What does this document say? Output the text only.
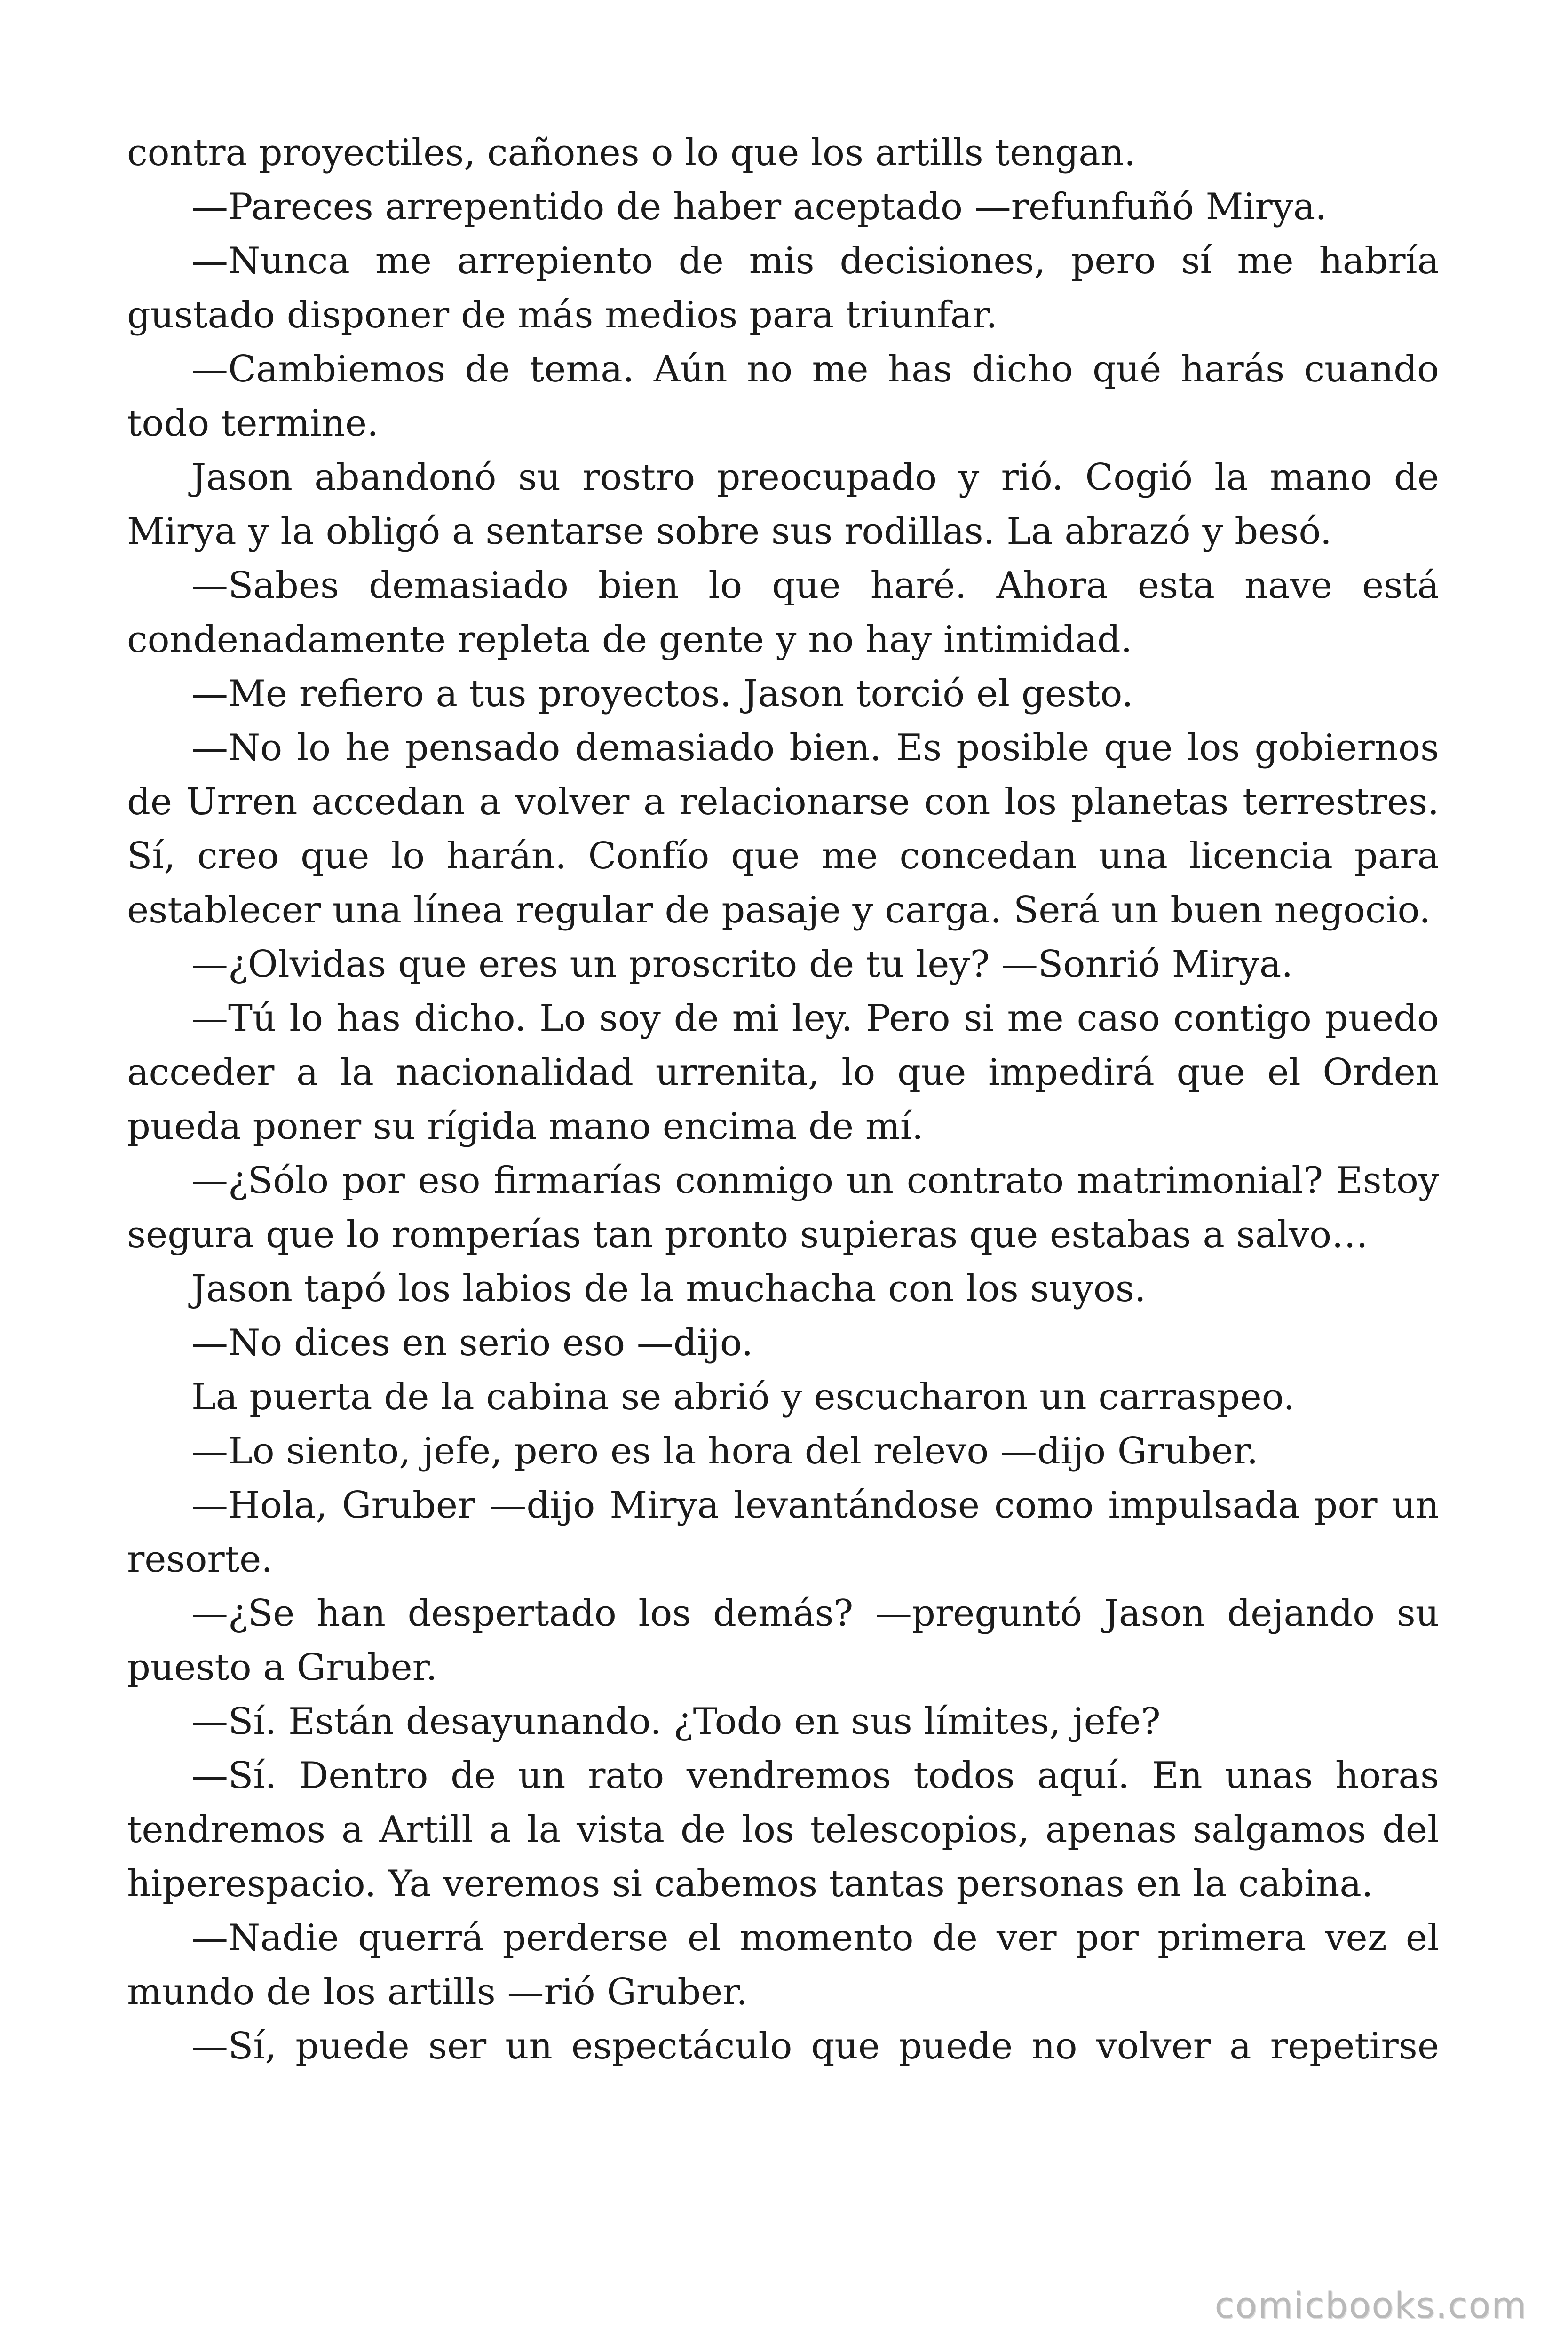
contra proyectiles, cañones o lo que los artills tengan.

—Pareces arrepentido de haber aceptado —refunfuñó Mirya.

—Nunca me arrepiento de mis decisiones, pero sí me habría gustado disponer de más medios para triunfar.

—Cambiemos de tema. Aún no me has dicho qué harás cuando todo termine.

Jason abandonó su rostro preocupado y rió. Cogió la mano de Mirya y la obligó a sentarse sobre sus rodillas. La abrazó y besó.

—Sabes demasiado bien lo que haré. Ahora esta nave está condenadamente repleta de gente y no hay intimidad.

—Me refiero a tus proyectos. Jason torció el gesto.

—No lo he pensado demasiado bien. Es posible que los gobiernos de Urren accedan a volver a relacionarse con los planetas terrestres. Sí, creo que lo harán. Confío que me concedan una licencia para establecer una línea regular de pasaje y carga. Será un buen negocio.

—¿Olvidas que eres un proscrito de tu ley? —Sonrió Mirya.

—Tú lo has dicho. Lo soy de mi ley. Pero si me caso contigo puedo acceder a la nacionalidad urrenita, lo que impedirá que el Orden pueda poner su rígida mano encima de mí.

—¿Sólo por eso firmarías conmigo un contrato matrimonial? Estoy segura que lo romperías tan pronto supieras que estabas a salvo…

Jason tapó los labios de la muchacha con los suyos.

—No dices en serio eso —dijo.

La puerta de la cabina se abrió y escucharon un carraspeo.

—Lo siento, jefe, pero es la hora del relevo —dijo Gruber.

—Hola, Gruber —dijo Mirya levantándose como impulsada por un resorte.

—¿Se han despertado los demás? —preguntó Jason dejando su puesto a Gruber.

—Sí. Están desayunando. ¿Todo en sus límites, jefe?

—Sí. Dentro de un rato vendremos todos aquí. En unas horas tendremos a Artill a la vista de los telescopios, apenas salgamos del hiperespacio. Ya veremos si cabemos tantas personas en la cabina.

—Nadie querrá perderse el momento de ver por primera vez el mundo de los artills —rió Gruber.

—Sí, puede ser un espectáculo que puede no volver a repetirse

comicbooks.com
